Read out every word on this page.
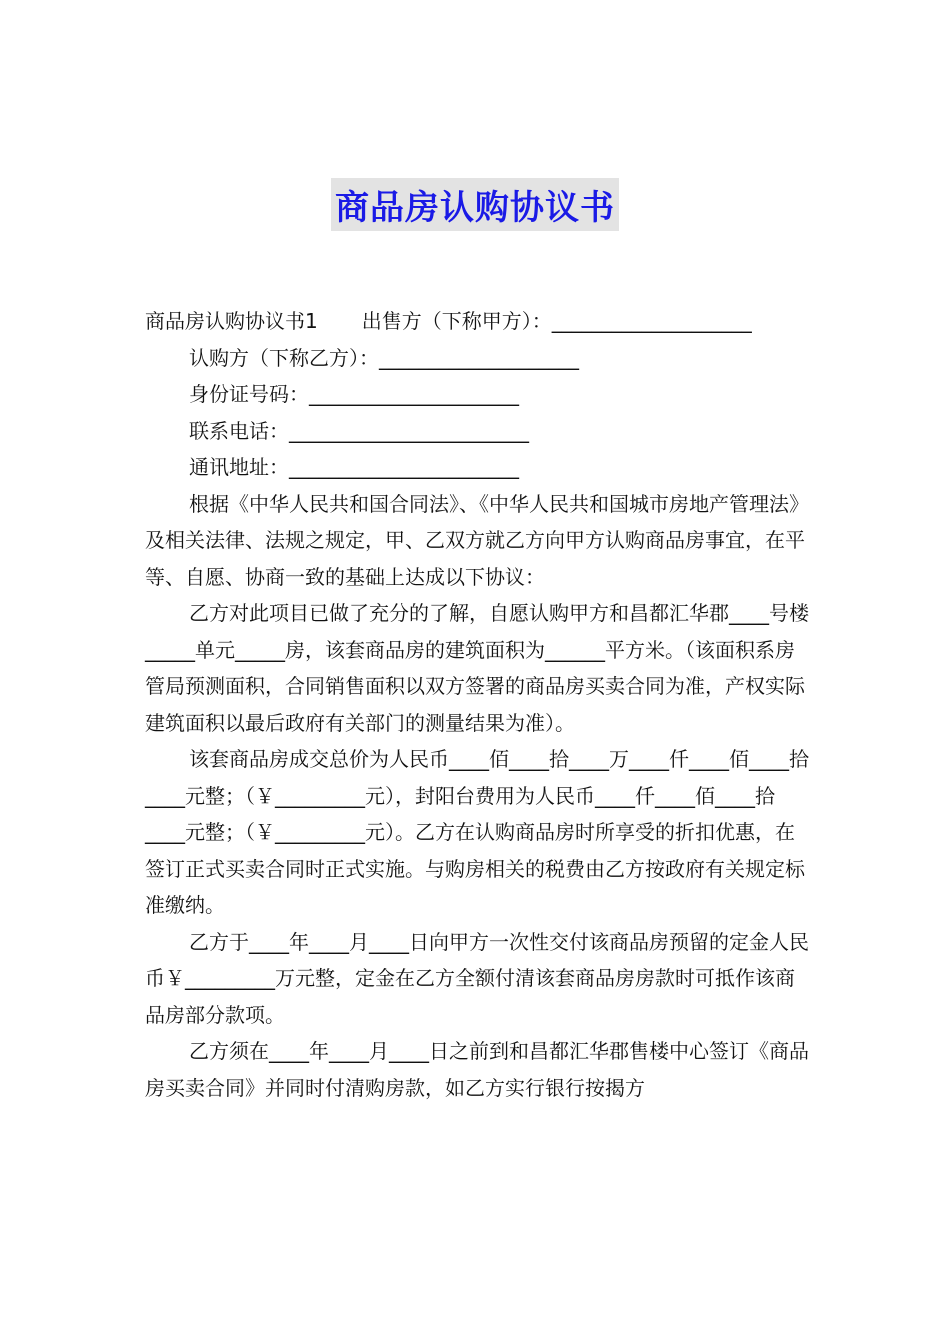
商品房认购协议书

商品房认购协议书1 出售方（下称甲方）：____________________

认购方（下称乙方）：____________________

身份证号码：_____________________

联系电话：________________________

通讯地址：_______________________

根据《中华人民共和国合同法》、《中华人民共和国城市房地产管理法》及相关法律、法规之规定，甲、乙双方就乙方向甲方认购商品房事宜，在平等、自愿、协商一致的基础上达成以下协议：

乙方对此项目已做了充分的了解，自愿认购甲方和昌都汇华郡____号楼_____单元_____房，该套商品房的建筑面积为______平方米。（该面积系房管局预测面积，合同销售面积以双方签署的商品房买卖合同为准，产权实际建筑面积以最后政府有关部门的测量结果为准）。

该套商品房成交总价为人民币____佰____拾____万____仟____佰____拾____元整；（￥_________元），封阳台费用为人民币____仟____佰____拾____元整；（￥_________元）。乙方在认购商品房时所享受的折扣优惠，在签订正式买卖合同时正式实施。与购房相关的税费由乙方按政府有关规定标准缴纳。

乙方于____年____月____日向甲方一次性交付该商品房预留的定金人民币￥_________万元整，定金在乙方全额付清该套商品房房款时可抵作该商品房部分款项。

乙方须在____年____月____日之前到和昌都汇华郡售楼中心签订《商品房买卖合同》并同时付清购房款，如乙方实行银行按揭方
